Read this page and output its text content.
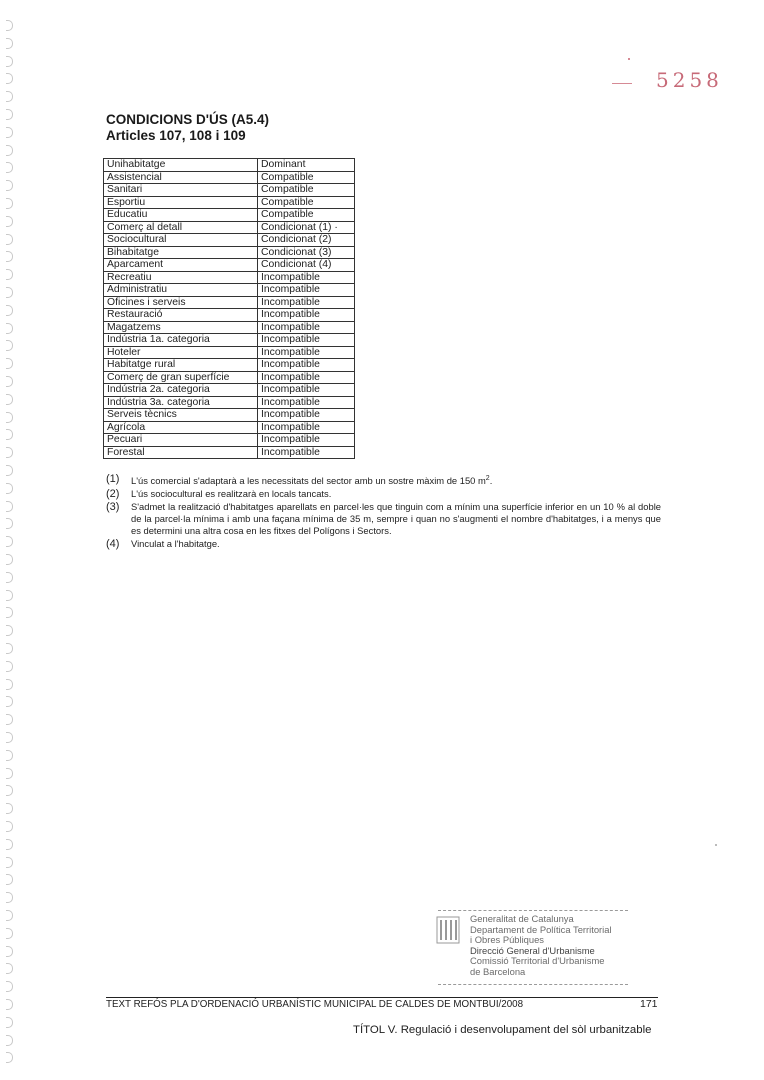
5258
CONDICIONS D'ÚS (A5.4)
Articles 107, 108 i 109
Unihabitatge	Dominant
Assistencial	Compatible
Sanitari	Compatible
Esportiu	Compatible
Educatiu	Compatible
Comerç al detall	Condicionat (1) ·
Sociocultural	Condicionat (2)
Bihabitatge	Condicionat (3)
Aparcament	Condicionat (4)
Recreatiu	Incompatible
Administratiu	Incompatible
Oficines i serveis	Incompatible
Restauració	Incompatible
Magatzems	Incompatible
Indústria 1a. categoria	Incompatible
Hoteler	Incompatible
Habitatge rural	Incompatible
Comerç de gran superfície	Incompatible
Indústria 2a. categoria	Incompatible
Indústria 3a. categoria	Incompatible
Serveis tècnics	Incompatible
Agrícola	Incompatible
Pecuari	Incompatible
Forestal	Incompatible
(1)	L'ús comercial s'adaptarà a les necessitats del sector amb un sostre màxim de 150 $m^2$.
(2)	L'ús sociocultural es realitzarà en locals tancats.
(3)	S'admet la realització d'habitatges aparellats en parcel·les que tinguin com a mínim una superfície inferior en un 10 % al doble de la parcel·la mínima i amb una façana mínima de 35 m, sempre i quan no s'augmenti el nombre d'habitatges, i a menys que es determini una altra cosa en les fitxes del Polígons i Sectors.
(4)	Vinculat a l'habitatge.
Generalitat de Catalunya
Departament de Política Territorial
i Obres Públiques
Direcció General d'Urbanisme
Comissió Territorial d'Urbanisme
de Barcelona
TEXT REFÓS PLA D'ORDENACIÓ URBANÍSTIC MUNICIPAL DE CALDES DE MONTBUI/2008	171
TÍTOL V. Regulació i desenvolupament del sòl urbanitzable
